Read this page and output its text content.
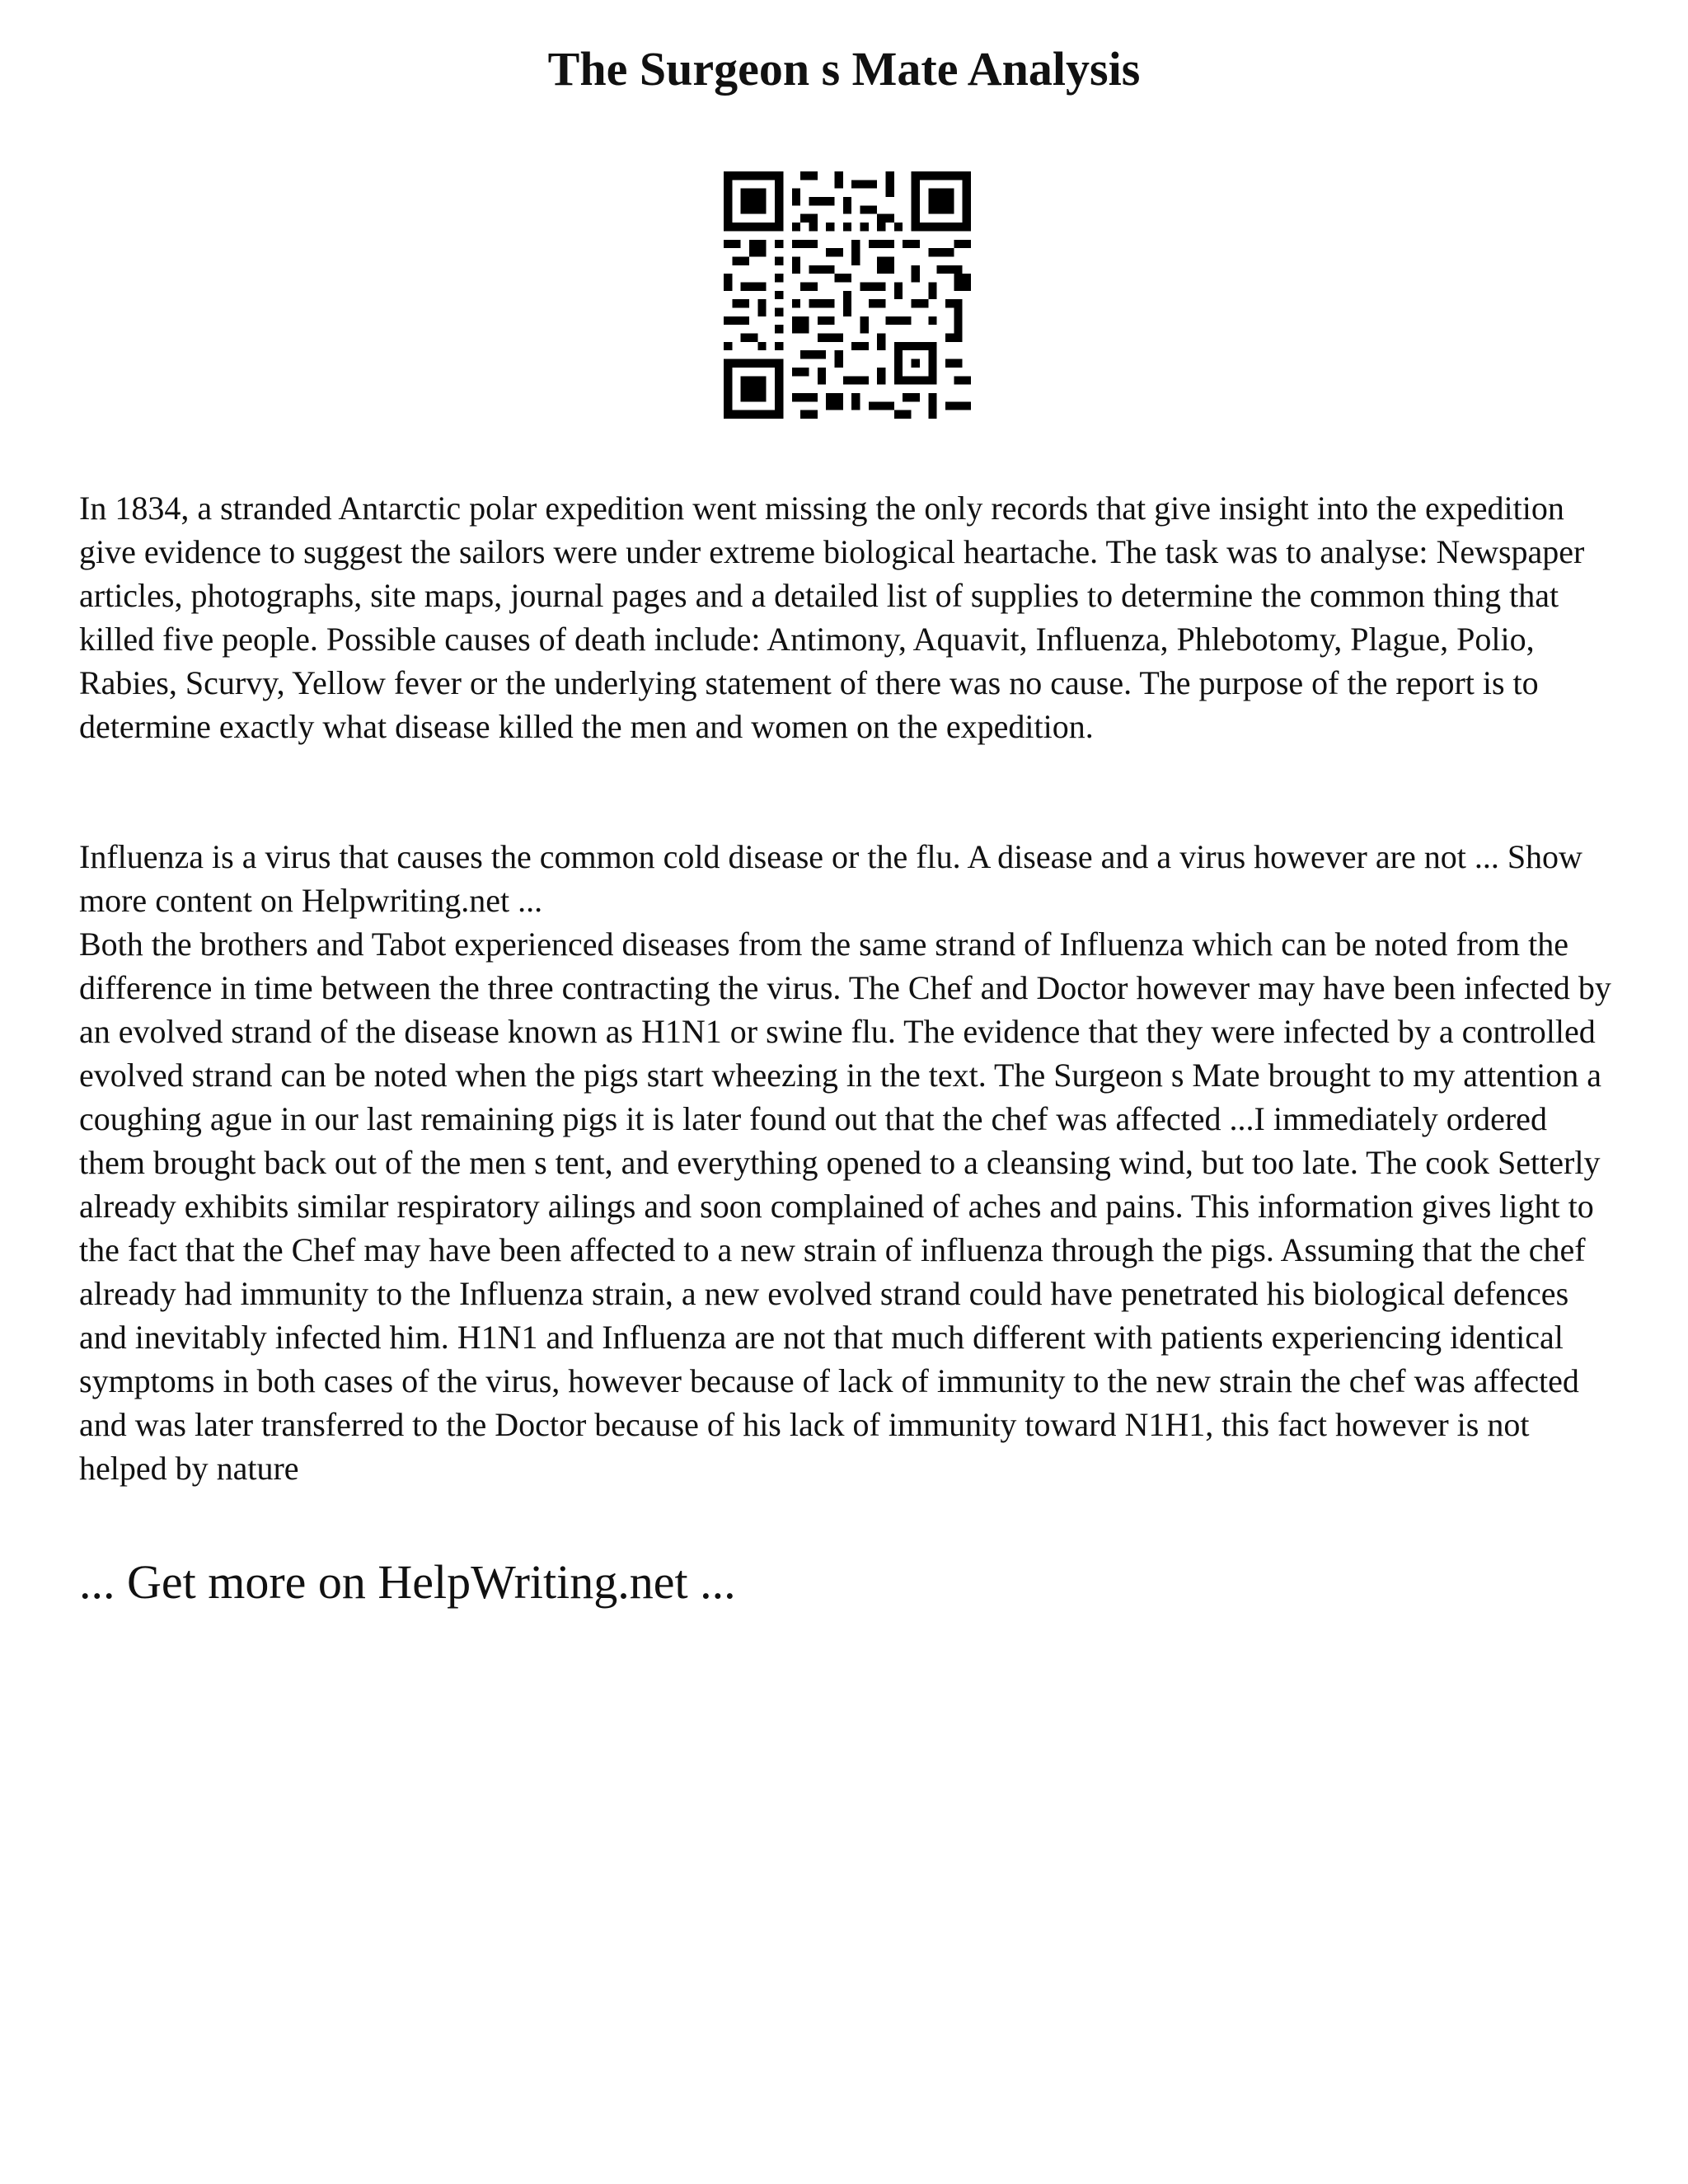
The Surgeon s Mate Analysis

In 1834, a stranded Antarctic polar expedition went missing the only records that give insight into the expedition give evidence to suggest the sailors were under extreme biological heartache. The task was to analyse: Newspaper articles, photographs, site maps, journal pages and a detailed list of supplies to determine the common thing that killed five people. Possible causes of death include: Antimony, Aquavit, Influenza, Phlebotomy, Plague, Polio, Rabies, Scurvy, Yellow fever or the underlying statement of there was no cause. The purpose of the report is to determine exactly what disease killed the men and women on the expedition.

Influenza is a virus that causes the common cold disease or the flu. A disease and a virus however are not ... Show more content on Helpwriting.net ...
Both the brothers and Tabot experienced diseases from the same strand of Influenza which can be noted from the difference in time between the three contracting the virus. The Chef and Doctor however may have been infected by an evolved strand of the disease known as H1N1 or swine flu. The evidence that they were infected by a controlled evolved strand can be noted when the pigs start wheezing in the text. The Surgeon s Mate brought to my attention a coughing ague in our last remaining pigs it is later found out that the chef was affected ...I immediately ordered them brought back out of the men s tent, and everything opened to a cleansing wind, but too late. The cook Setterly already exhibits similar respiratory ailings and soon complained of aches and pains. This information gives light to the fact that the Chef may have been affected to a new strain of influenza through the pigs. Assuming that the chef already had immunity to the Influenza strain, a new evolved strand could have penetrated his biological defences and inevitably infected him. H1N1 and Influenza are not that much different with patients experiencing identical symptoms in both cases of the virus, however because of lack of immunity to the new strain the chef was affected and was later transferred to the Doctor because of his lack of immunity toward N1H1, this fact however is not helped by nature

... Get more on HelpWriting.net ...
